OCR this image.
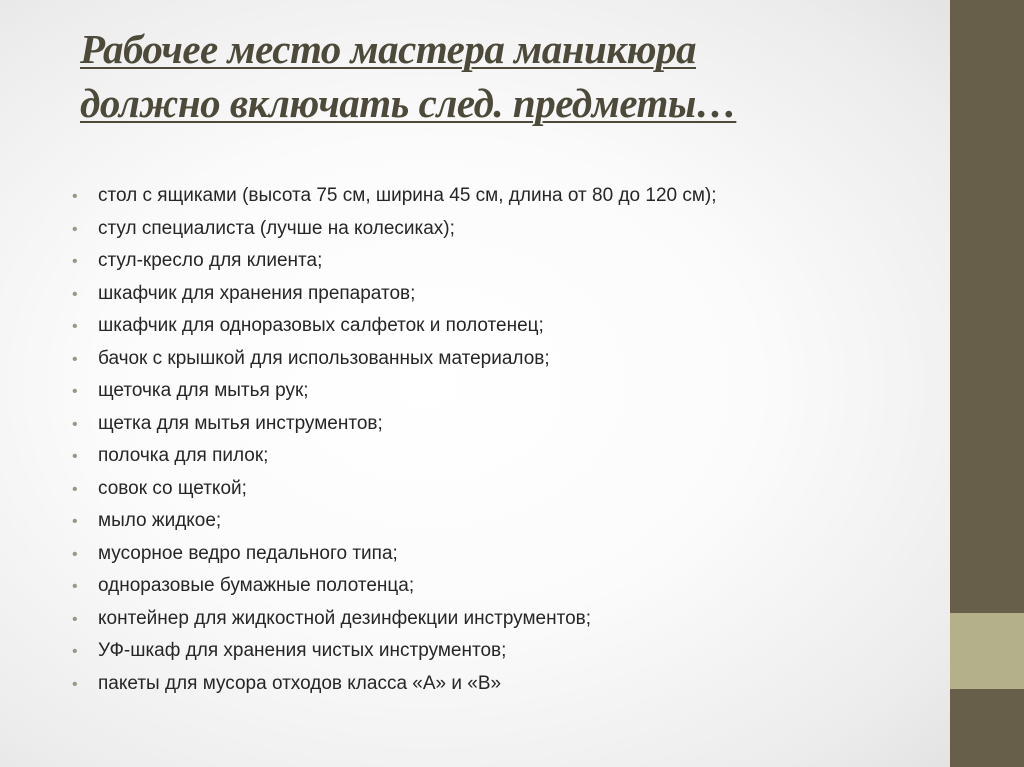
Рабочее место мастера маникюра
должно включать след. предметы…
• стол с ящиками (высота 75 см, ширина 45 см, длина от 80 до 120 см);
• стул специалиста (лучше на колесиках);
• стул-кресло для клиента;
• шкафчик для хранения препаратов;
• шкафчик для одноразовых салфеток и полотенец;
• бачок с крышкой для использованных материалов;
• щеточка для мытья рук;
• щетка для мытья инструментов;
• полочка для пилок;
• совок со щеткой;
• мыло жидкое;
• мусорное ведро педального типа;
• одноразовые бумажные полотенца;
• контейнер для жидкостной дезинфекции инструментов;
• УФ-шкаф для хранения чистых инструментов;
• пакеты для мусора отходов класса «А» и «В»
